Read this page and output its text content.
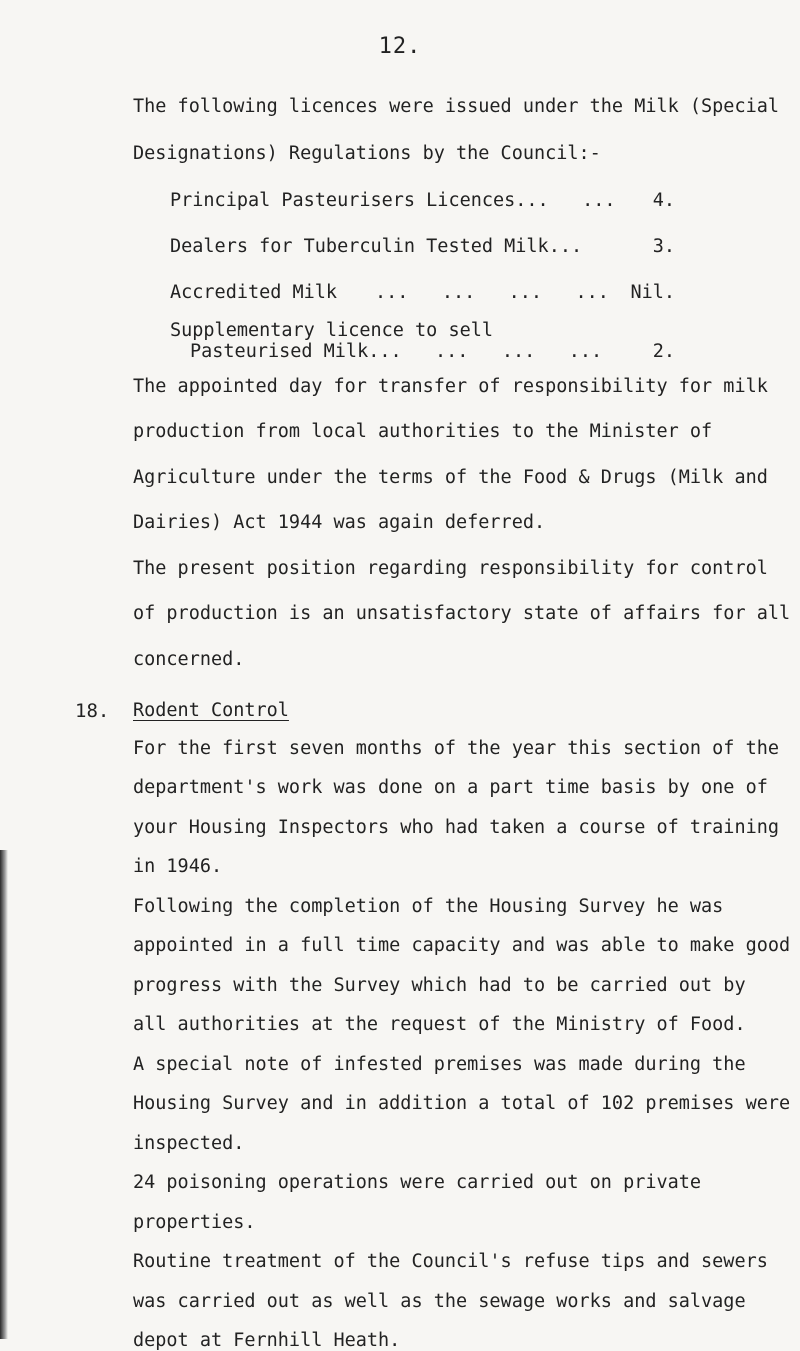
12.
The following licences were issued under the Milk (Special
Designations) Regulations by the Council:-
Principal Pasteurisers Licences ...   ...	4.
Dealers for Tuberculin Tested Milk ...	3.
Accredited Milk	...   ...   ...   ...	Nil.
Supplementary licence to sell
Pasteurised Milk...   ...   ...   ...	2.
The appointed day for transfer of responsibility for milk
production from local authorities to the Minister of
Agriculture under the terms of the Food & Drugs (Milk and
Dairies) Act 1944 was again deferred.
The present position regarding responsibility for control
of production is an unsatisfactory state of affairs for all
concerned.
18. Rodent Control
For the first seven months of the year this section of the
department's work was done on a part time basis by one of
your Housing Inspectors who had taken a course of training
in 1946.
Following the completion of the Housing Survey he was
appointed in a full time capacity and was able to make good
progress with the Survey which had to be carried out by
all authorities at the request of the Ministry of Food.
A special note of infested premises was made during the
Housing Survey and in addition a total of 102 premises were
inspected.
24 poisoning operations were carried out on private
properties.
Routine treatment of the Council's refuse tips and sewers
was carried out as well as the sewage works and salvage
depot at Fernhill Heath.
